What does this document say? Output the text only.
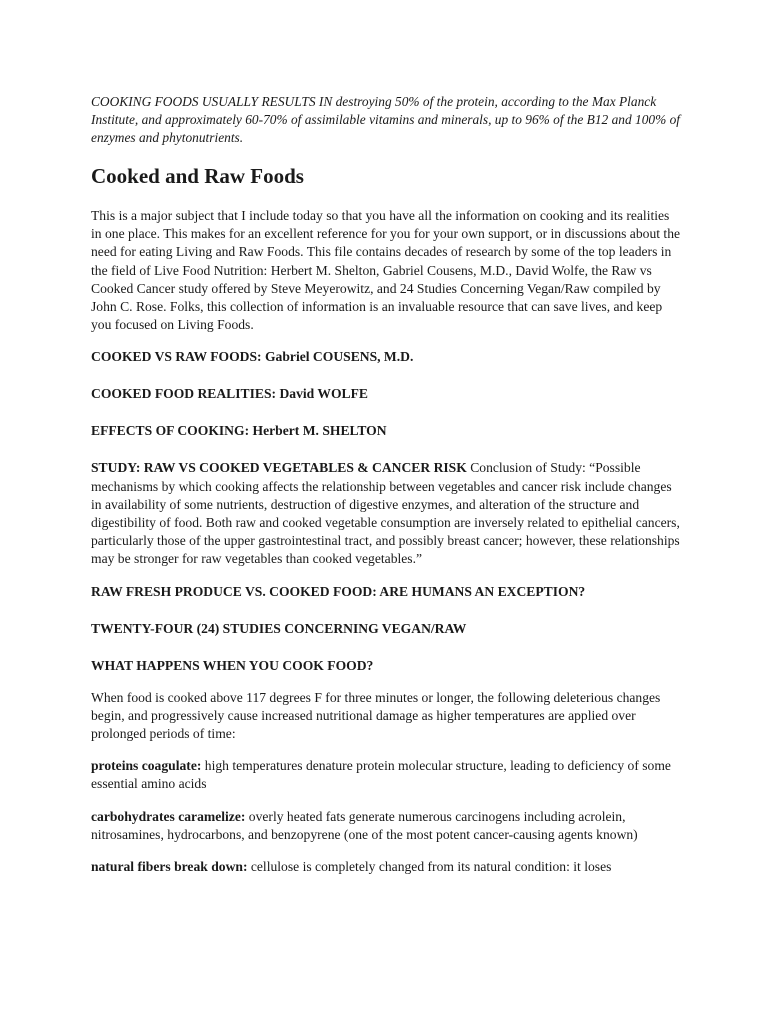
COOKING FOODS USUALLY RESULTS IN destroying 50% of the protein, according to the Max Planck Institute, and approximately 60-70% of assimilable vitamins and minerals, up to 96% of the B12 and 100% of enzymes and phytonutrients.

Cooked and Raw Foods

This is a major subject that I include today so that you have all the information on cooking and its realities in one place. This makes for an excellent reference for you for your own support, or in discussions about the need for eating Living and Raw Foods. This file contains decades of research by some of the top leaders in the field of Live Food Nutrition: Herbert M. Shelton, Gabriel Cousens, M.D., David Wolfe, the Raw vs Cooked Cancer study offered by Steve Meyerowitz, and 24 Studies Concerning Vegan/Raw compiled by John C. Rose. Folks, this collection of information is an invaluable resource that can save lives, and keep you focused on Living Foods.

COOKED VS RAW FOODS: Gabriel COUSENS, M.D.

COOKED FOOD REALITIES: David WOLFE

EFFECTS OF COOKING: Herbert M. SHELTON

STUDY: RAW VS COOKED VEGETABLES & CANCER RISK Conclusion of Study: “Possible mechanisms by which cooking affects the relationship between vegetables and cancer risk include changes in availability of some nutrients, destruction of digestive enzymes, and alteration of the structure and digestibility of food. Both raw and cooked vegetable consumption are inversely related to epithelial cancers, particularly those of the upper gastrointestinal tract, and possibly breast cancer; however, these relationships may be stronger for raw vegetables than cooked vegetables.”

RAW FRESH PRODUCE VS. COOKED FOOD: ARE HUMANS AN EXCEPTION?

TWENTY-FOUR (24) STUDIES CONCERNING VEGAN/RAW

WHAT HAPPENS WHEN YOU COOK FOOD?

When food is cooked above 117 degrees F for three minutes or longer, the following deleterious changes begin, and progressively cause increased nutritional damage as higher temperatures are applied over prolonged periods of time:

proteins coagulate: high temperatures denature protein molecular structure, leading to deficiency of some essential amino acids

carbohydrates caramelize: overly heated fats generate numerous carcinogens including acrolein, nitrosamines, hydrocarbons, and benzopyrene (one of the most potent cancer-causing agents known)

natural fibers break down: cellulose is completely changed from its natural condition: it loses
